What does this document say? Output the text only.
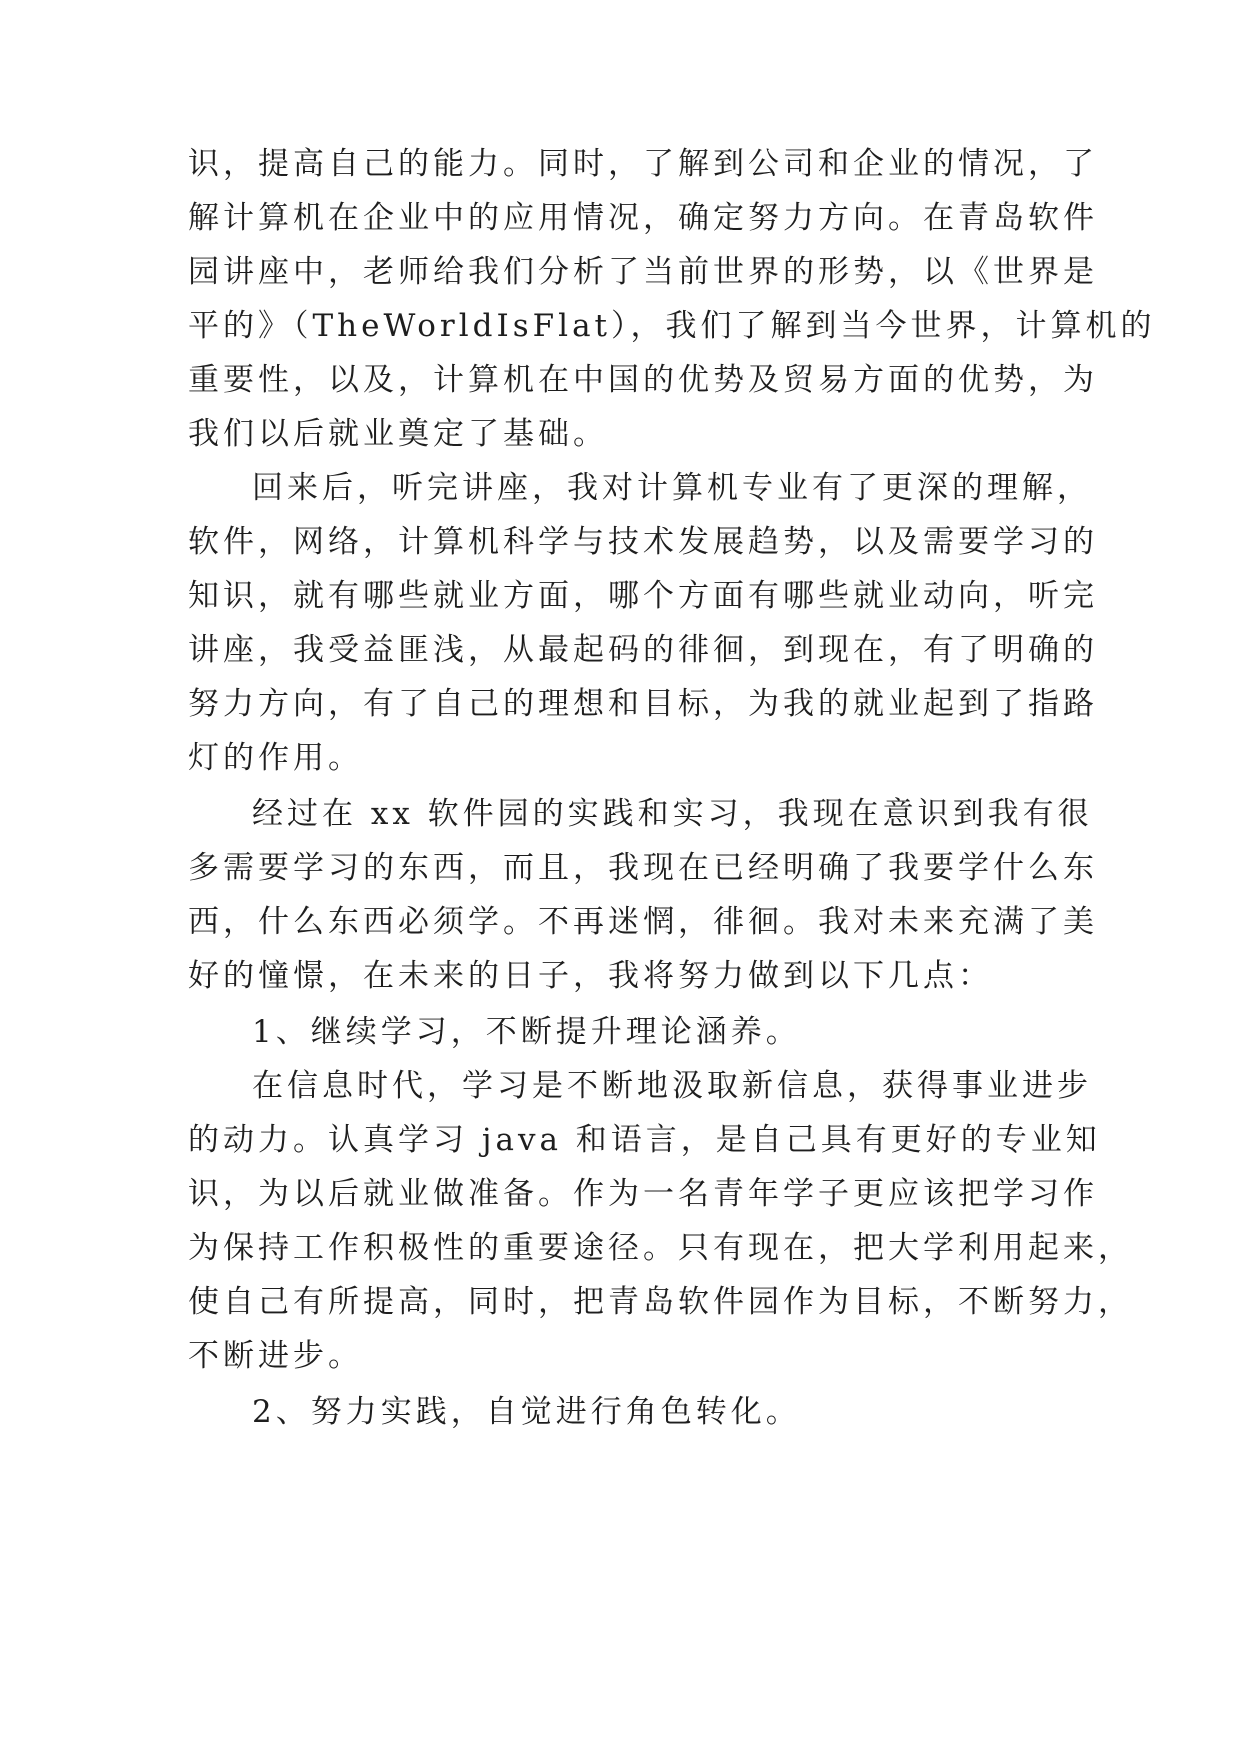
识，提高自己的能力。同时，了解到公司和企业的情况，了
解计算机在企业中的应用情况，确定努力方向。在青岛软件
园讲座中，老师给我们分析了当前世界的形势，以《世界是
平的》（TheWorldIsFlat），我们了解到当今世界，计算机的
重要性，以及，计算机在中国的优势及贸易方面的优势，为
我们以后就业奠定了基础。
回来后，听完讲座，我对计算机专业有了更深的理解，
软件，网络，计算机科学与技术发展趋势，以及需要学习的
知识，就有哪些就业方面，哪个方面有哪些就业动向，听完
讲座，我受益匪浅，从最起码的徘徊，到现在，有了明确的
努力方向，有了自己的理想和目标，为我的就业起到了指路
灯的作用。
经过在 xx 软件园的实践和实习，我现在意识到我有很
多需要学习的东西，而且，我现在已经明确了我要学什么东
西，什么东西必须学。不再迷惘，徘徊。我对未来充满了美
好的憧憬，在未来的日子，我将努力做到以下几点：
1、继续学习，不断提升理论涵养。
在信息时代，学习是不断地汲取新信息，获得事业进步
的动力。认真学习 java 和语言，是自己具有更好的专业知
识，为以后就业做准备。作为一名青年学子更应该把学习作
为保持工作积极性的重要途径。只有现在，把大学利用起来，
使自己有所提高，同时，把青岛软件园作为目标，不断努力，
不断进步。
2、努力实践，自觉进行角色转化。
